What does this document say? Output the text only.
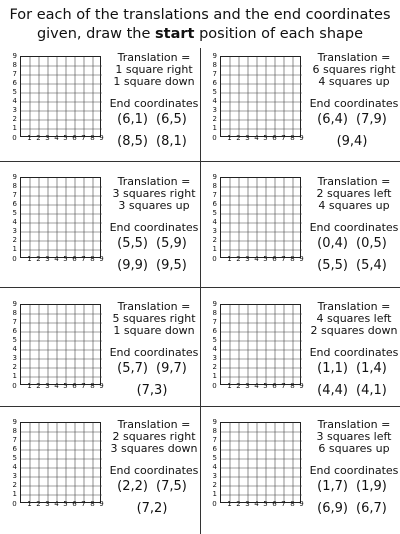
For each of the translations and the end coordinates
given, draw the start position of each shape
9
8
7
6
5
4
3
2
1
0	1 2 3 4 5 6 7 8 9
Translation =
1 square right
1 square down
End coordinates
(6,1) (6,5)
(8,5) (8,1)
9
8
7
6
5
4
3
2
1
0	1 2 3 4 5 6 7 8 9
Translation =
6 squares right
4 squares up
End coordinates
(6,4) (7,9)
(9,4)
9
8
7
6
5
4
3
2
1
0	1 2 3 4 5 6 7 8 9
Translation =
3 squares right
3 squares up
End coordinates
(5,5) (5,9)
(9,9) (9,5)
9
8
7
6
5
4
3
2
1
0	1 2 3 4 5 6 7 8 9
Translation =
2 squares left
4 squares up
End coordinates
(0,4) (0,5)
(5,5) (5,4)
9
8
7
6
5
4
3
2
1
0	1 2 3 4 5 6 7 8 9
Translation =
5 squares right
1 square down
End coordinates
(5,7) (9,7)
(7,3)
9
8
7
6
5
4
3
2
1
0	1 2 3 4 5 6 7 8 9
Translation =
4 squares left
2 squares down
End coordinates
(1,1) (1,4)
(4,4) (4,1)
9
8
7
6
5
4
3
2
1
0	1 2 3 4 5 6 7 8 9
Translation =
2 squares right
3 squares down
End coordinates
(2,2) (7,5)
(7,2)
9
8
7
6
5
4
3
2
1
0	1 2 3 4 5 6 7 8 9
Translation =
3 squares left
6 squares up
End coordinates
(1,7) (1,9)
(6,9) (6,7)
